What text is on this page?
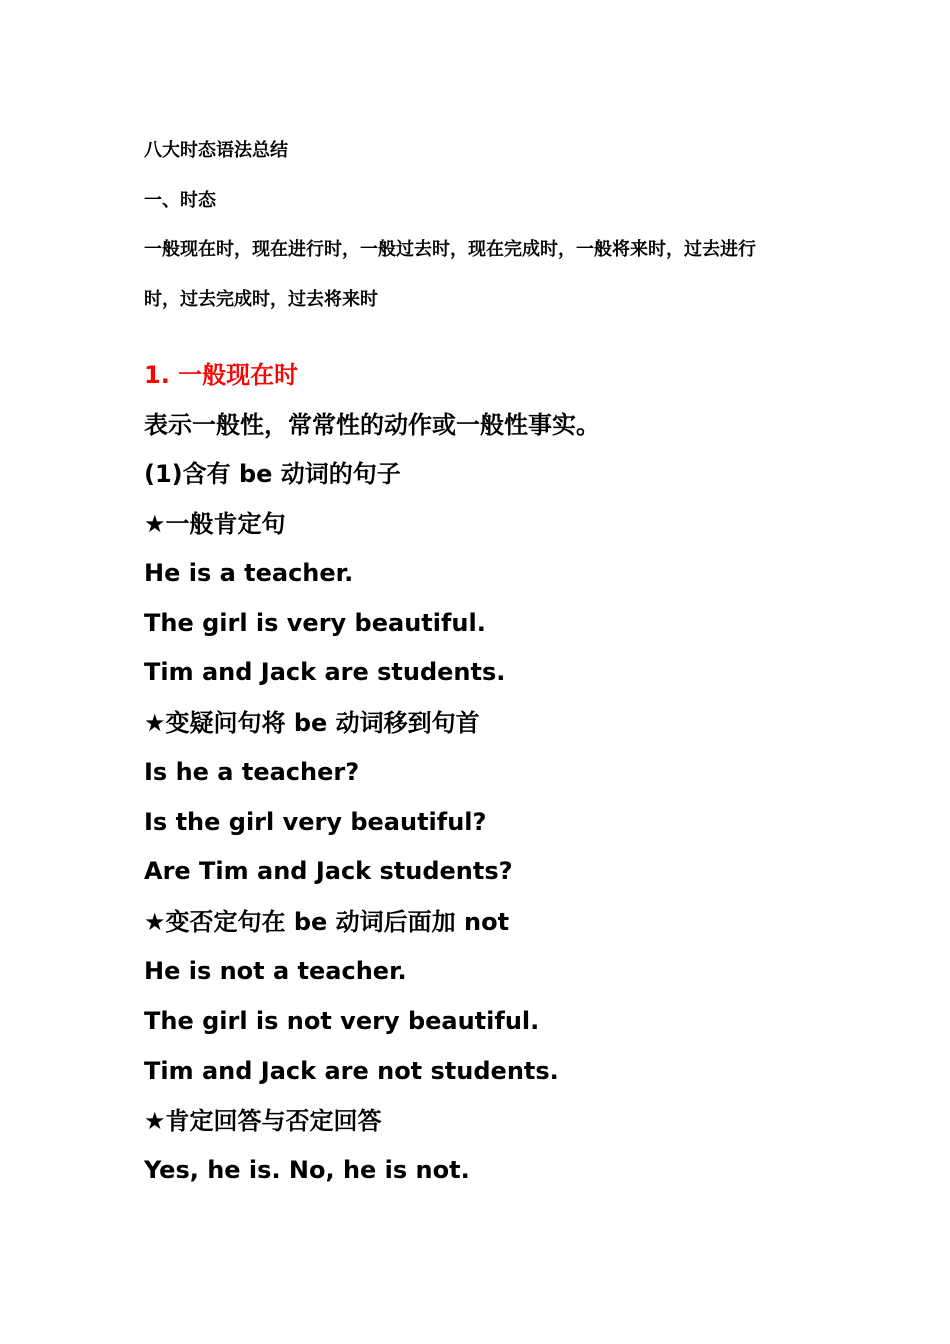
八大时态语法总结
一、时态
一般现在时，现在进行时，一般过去时，现在完成时，一般将来时，过去进行
时，过去完成时，过去将来时
1. 一般现在时
表示一般性，常常性的动作或一般性事实。
(1)含有 be 动词的句子
★一般肯定句
He is a teacher.
The girl is very beautiful.
Tim and Jack are students.
★变疑问句将 be 动词移到句首
Is he a teacher?
Is the girl very beautiful?
Are Tim and Jack students?
★变否定句在 be 动词后面加 not
He is not a teacher.
The girl is not very beautiful.
Tim and Jack are not students.
★肯定回答与否定回答
Yes, he is. No, he is not.
